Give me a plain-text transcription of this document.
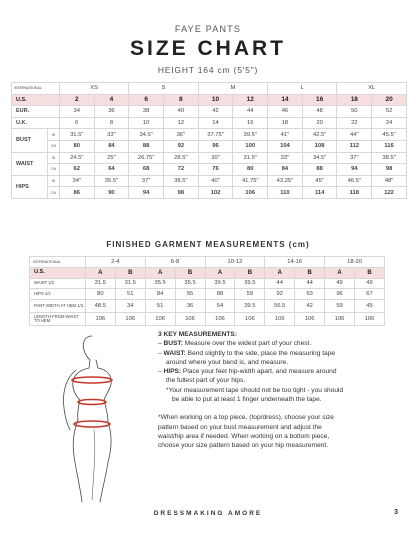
FAYE PANTS
SIZE CHART
HEIGHT 164 cm (5'5")
INTERNATIONAL		XS		S		M		L		XL	
U.S.		2	4	6	8	10	12	14	16	18	20
EUR.		34	36	38	40	42	44	46	48	50	52
U.K.		6	8	10	12	14	16	18	20	22	24
BUST	IN	31.5"	33"	34.5"	36"	37.75"	39.5"	41"	42.5"	44"	45.5"
	CM	80	84	88	92	96	100	104	108	112	116
WAIST	IN	24.5"	25"	26.75"	28.5"	30"	31.5"	33"	34.5"	37"	38.5"
	CM	62	64	68	72	76	80	84	88	94	98
HIPS	IN	34"	35.5"	37"	38.5"	40"	41.75"	43.25"	45"	46.5"	48"
	CM	86	90	94	98	102	106	110	114	118	122
FINISHED GARMENT MEASUREMENTS (cm)
INTERNATIONAL	2-4		6-8		10-12		14-16		18-20	
U.S.	A	B	A	B	A	B	A	B	A	B
WAIST 1/2	31.5	31.5	35.5	35.5	39.5	39.5	44	44	49	49
HIPS 1/2	80	51	84	55	88	59	92	63	96	67
PANT WIDTH AT HEM 1/2	48.5	34	51	36	54	39.5	56.5	42	59	45
LENGTH FROM WAIST TO HEM	106	106	106	106	106	106	106	106	106	106
3 KEY MEASUREMENTS:
– BUST: Measure over the widest part of your chest.
– WAIST: Bend slightly to the side, place the measuring tape
around where your bend is, and measure.
– HIPS: Place your feet hip-width apart, and measure around
the fullest part of your hips.
*Your measurement tape should not be too tight - you should
be able to put at least 1 finger underneath the tape.
*When working on a top piece, (top/dress), choose your size
pattern based on your bust measurement and adjust the
waist/hip area if needed. When working on a bottom piece,
choose your size pattern based on your hip measurement.
DRESSMAKING AMORE	3
